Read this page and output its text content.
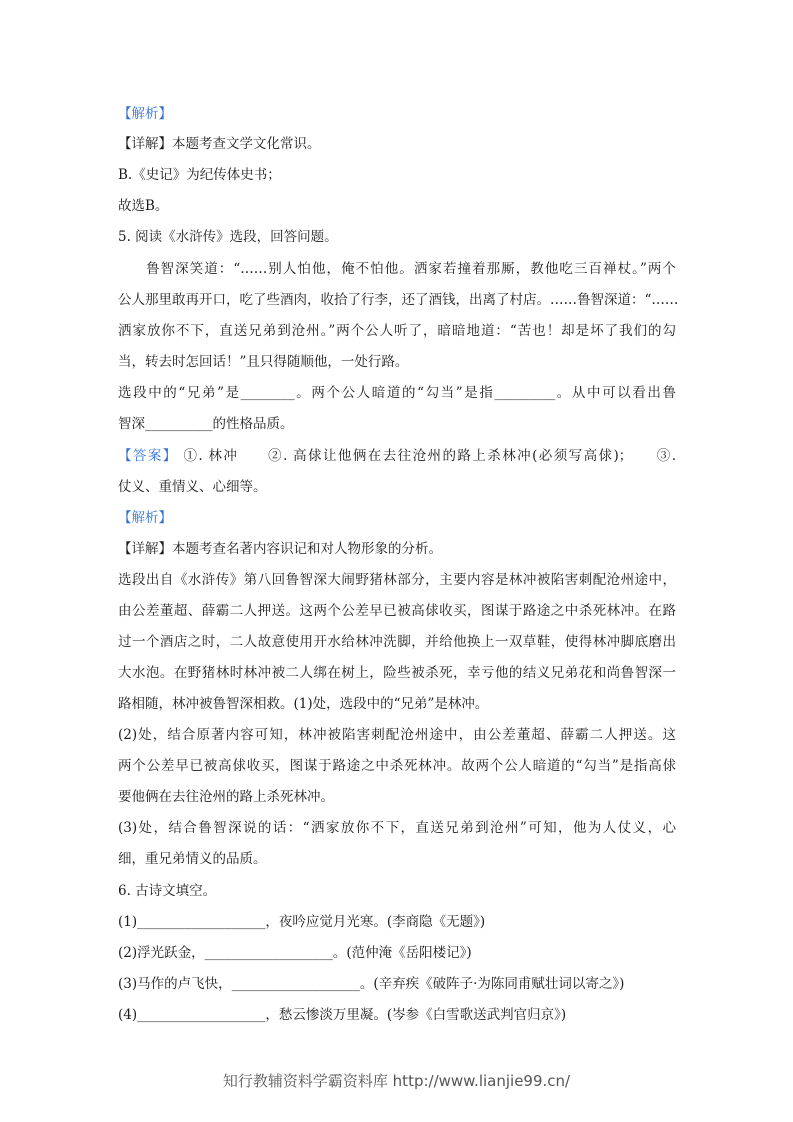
【解析】
【详解】本题考查文学文化常识。
B.《史记》为纪传体史书；
故选B。
5. 阅读《水浒传》选段，回答问题。
鲁智深笑道：“……别人怕他，俺不怕他。洒家若撞着那厮，教他吃三百禅杖。”两个
公人那里敢再开口，吃了些酒肉，收拾了行李，还了酒钱，出离了村店。……鲁智深道：“……
洒家放你不下，直送兄弟到沧州。”两个公人听了，暗暗地道：“苦也！却是坏了我们的勾
当，转去时怎回话！”且只得随顺他，一处行路。
选段中的“兄弟”是________。两个公人暗道的“勾当”是指_________。从中可以看出鲁
智深__________的性格品质。
【答案】 ①. 林冲　　②. 高俅让他俩在去往沧州的路上杀林冲(必须写高俅)；　　③.
仗义、重情义、心细等。
【解析】
【详解】本题考查名著内容识记和对人物形象的分析。
选段出自《水浒传》第八回鲁智深大闹野猪林部分，主要内容是林冲被陷害刺配沧州途中，
由公差董超、薛霸二人押送。这两个公差早已被高俅收买，图谋于路途之中杀死林冲。在路
过一个酒店之时，二人故意使用开水给林冲洗脚，并给他换上一双草鞋，使得林冲脚底磨出
大水泡。在野猪林时林冲被二人绑在树上，险些被杀死，幸亏他的结义兄弟花和尚鲁智深一
路相随，林冲被鲁智深相救。(1)处，选段中的“兄弟”是林冲。
(2)处，结合原著内容可知，林冲被陷害刺配沧州途中，由公差董超、薛霸二人押送。这
两个公差早已被高俅收买，图谋于路途之中杀死林冲。故两个公人暗道的“勾当”是指高俅
要他俩在去往沧州的路上杀死林冲。
(3)处，结合鲁智深说的话：“洒家放你不下，直送兄弟到沧州”可知，他为人仗义，心
细，重兄弟情义的品质。
6. 古诗文填空。
(1)___________________，夜吟应觉月光寒。(李商隐《无题》)
(2)浮光跃金，___________________。(范仲淹《岳阳楼记》)
(3)马作的卢飞快，___________________。(辛弃疾《破阵子·为陈同甫赋壮词以寄之》)
(4)___________________，愁云惨淡万里凝。(岑参《白雪歌送武判官归京》)
知行教辅资料学霸资料库 http://www.lianjie99.cn/
